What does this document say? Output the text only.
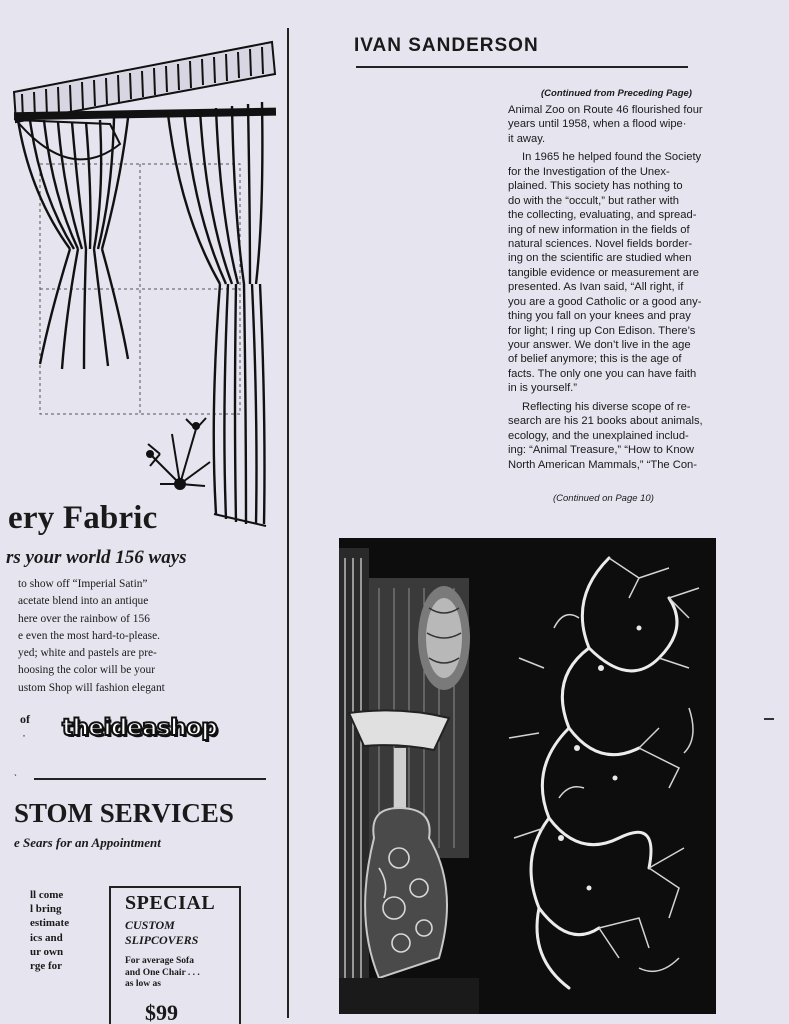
ery Fabric
rs your world 156 ways
to show off “Imperial Satin”
acetate blend into an antique
here over the rainbow of 156
e even the most hard-to-please.
yed; white and pastels are pre-
hoosing the color will be your
ustom Shop will fashion elegant
of
· theideashop
ˎ
STOM SERVICES
e Sears for an Appointment
ll come
l bring
estimate
ics and
ur own
rge for
SPECIAL
CUSTOM
SLIPCOVERS
For average Sofa
and One Chair . . .
as low as
$99
IVAN SANDERSON
(Continued from Preceding Page)
Animal Zoo on Route 46 flourished four
years until 1958, when a flood wipe·
it away.
In 1965 he helped found the Society
for the Investigation of the Unex-
plained. This society has nothing to
do with the “occult,” but rather with
the collecting, evaluating, and spread-
ing of new information in the fields of
natural sciences. Novel fields border-
ing on the scientific are studied when
tangible evidence or measurement are
presented. As Ivan said, “All right, if
you are a good Catholic or a good any-
thing you fall on your knees and pray
for light; I ring up Con Edison. There’s
your answer. We don’t live in the age
of belief anymore; this is the age of
facts. The only one you can have faith
in is yourself.”
Reflecting his diverse scope of re-
search are his 21 books about animals,
ecology, and the unexplained includ-
ing: “Animal Treasure,” “How to Know
North American Mammals,” “The Con-
(Continued on Page 10)
